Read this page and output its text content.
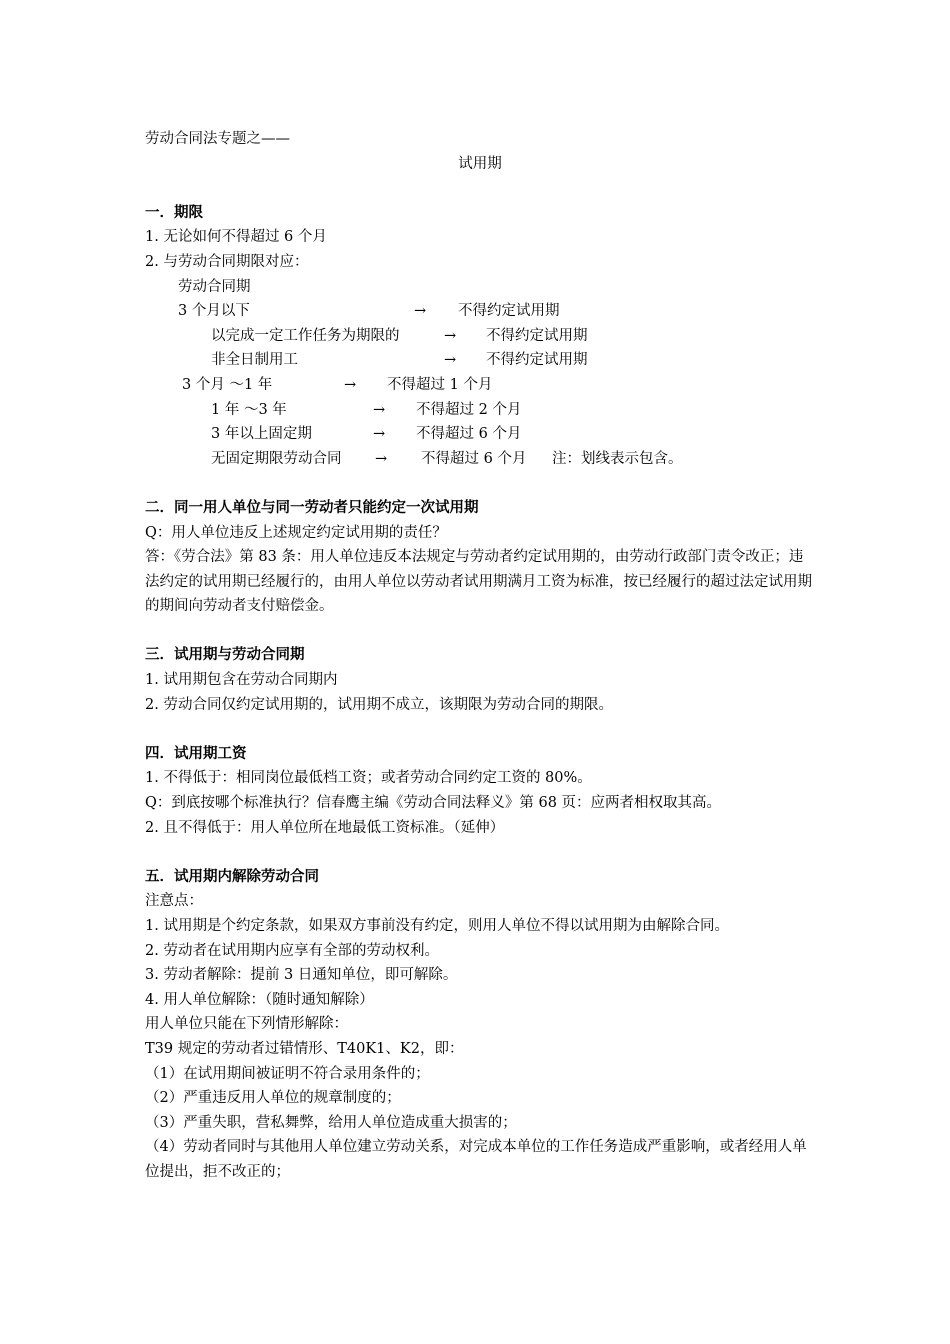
劳动合同法专题之——
试用期
一．期限
1. 无论如何不得超过 6 个月
2. 与劳动合同期限对应：
劳动合同期
3 个月以下	→ 不得约定试用期
以完成一定工作任务为期限的	→ 不得约定试用期
非全日制用工	→ 不得约定试用期
3 个月 ～1 年	→ 不得超过 1 个月
1 年 ～3 年	→ 不得超过 2 个月
3 年以上固定期	→ 不得超过 6 个月
无固定期限劳动合同 → 不得超过 6 个月 注：划线表示包含。
二．同一用人单位与同一劳动者只能约定一次试用期
Q：用人单位违反上述规定约定试用期的责任？
答：《劳合法》第 83 条：用人单位违反本法规定与劳动者约定试用期的，由劳动行政部门责令改正；违法约定的试用期已经履行的，由用人单位以劳动者试用期满月工资为标准，按已经履行的超过法定试用期的期间向劳动者支付赔偿金。
三．试用期与劳动合同期
1. 试用期包含在劳动合同期内
2. 劳动合同仅约定试用期的，试用期不成立，该期限为劳动合同的期限。
四．试用期工资
1. 不得低于：相同岗位最低档工资；或者劳动合同约定工资的 80%。
Q：到底按哪个标准执行？信春鹰主编《劳动合同法释义》第 68 页：应两者相权取其高。
2. 且不得低于：用人单位所在地最低工资标准。（延伸）
五．试用期内解除劳动合同
注意点：
1. 试用期是个约定条款，如果双方事前没有约定，则用人单位不得以试用期为由解除合同。
2. 劳动者在试用期内应享有全部的劳动权利。
3. 劳动者解除：提前 3 日通知单位，即可解除。
4. 用人单位解除：（随时通知解除）
用人单位只能在下列情形解除：
T39 规定的劳动者过错情形、T40K1、K2，即：
（1）在试用期间被证明不符合录用条件的；
（2）严重违反用人单位的规章制度的；
（3）严重失职，营私舞弊，给用人单位造成重大损害的；
（4）劳动者同时与其他用人单位建立劳动关系，对完成本单位的工作任务造成严重影响，或者经用人单位提出，拒不改正的；
